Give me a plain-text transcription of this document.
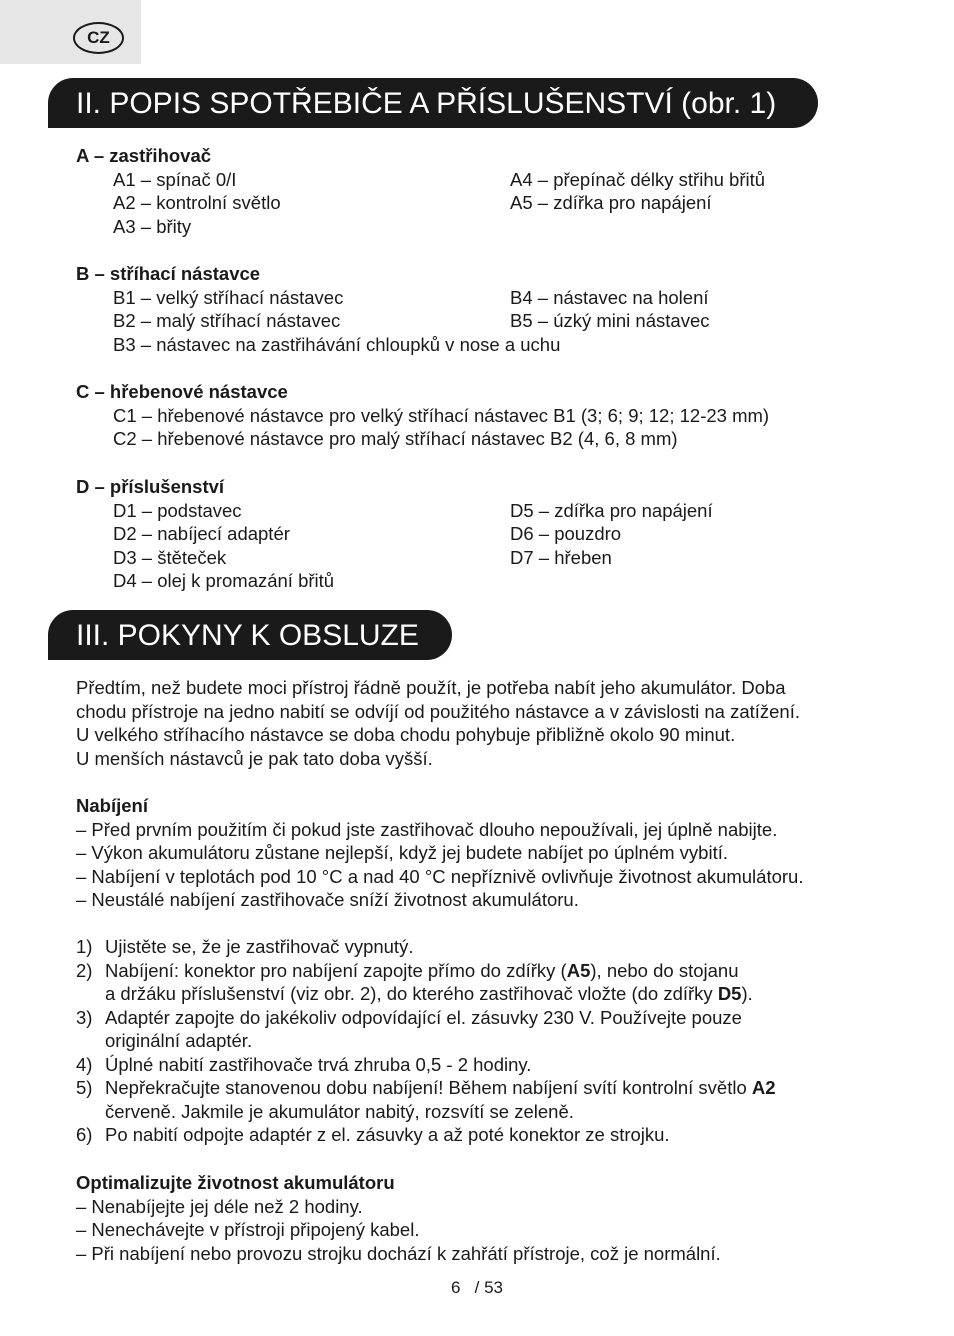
CZ
II. POPIS SPOTŘEBIČE A PŘÍSLUŠENSTVÍ (obr. 1)
A – zastřihovač
A1 – spínač 0/I	A4 – přepínač délky střihu břitů
A2 – kontrolní světlo	A5 – zdířka pro napájení
A3 – břity
B – stříhací nástavce
B1 – velký stříhací nástavec	B4 – nástavec na holení
B2 – malý stříhací nástavec	B5 – úzký mini nástavec
B3 – nástavec na zastřihávání chloupků v nose a uchu
C – hřebenové nástavce
C1 – hřebenové nástavce pro velký stříhací nástavec B1 (3; 6; 9; 12; 12-23 mm)
C2 – hřebenové nástavce pro malý stříhací nástavec B2 (4, 6, 8 mm)
D – příslušenství
D1 – podstavec	D5 – zdířka pro napájení
D2 – nabíjecí adaptér	D6 – pouzdro
D3 – štěteček	D7 – hřeben
D4 – olej k promazání břitů
III. POKYNY K OBSLUZE
Předtím, než budete moci přístroj řádně použít, je potřeba nabít jeho akumulátor. Doba
chodu přístroje na jedno nabití se odvíjí od použitého nástavce a v závislosti na zatížení.
U velkého stříhacího nástavce se doba chodu pohybuje přibližně okolo 90 minut.
U menších nástavců je pak tato doba vyšší.
Nabíjení
– Před prvním použitím či pokud jste zastřihovač dlouho nepoužívali, jej úplně nabijte.
– Výkon akumulátoru zůstane nejlepší, když jej budete nabíjet po úplném vybití.
– Nabíjení v teplotách pod 10 °C a nad 40 °C nepříznivě ovlivňuje životnost akumulátoru.
– Neustálé nabíjení zastřihovače sníží životnost akumulátoru.
1) Ujistěte se, že je zastřihovač vypnutý.
2) Nabíjení: konektor pro nabíjení zapojte přímo do zdířky (A5), nebo do stojanu
a držáku příslušenství (viz obr. 2), do kterého zastřihovač vložte (do zdířky D5).
3) Adaptér zapojte do jakékoliv odpovídající el. zásuvky 230 V. Používejte pouze
originální adaptér.
4) Úplné nabití zastřihovače trvá zhruba 0,5 - 2 hodiny.
5) Nepřekračujte stanovenou dobu nabíjení! Během nabíjení svítí kontrolní světlo A2
červeně. Jakmile je akumulátor nabitý, rozsvítí se zeleně.
6) Po nabití odpojte adaptér z el. zásuvky a až poté konektor ze strojku.
Optimalizujte životnost akumulátoru
– Nenabíjejte jej déle než 2 hodiny.
– Nenechávejte v přístroji připojený kabel.
– Při nabíjení nebo provozu strojku dochází k zahřátí přístroje, což je normální.
6   / 53
